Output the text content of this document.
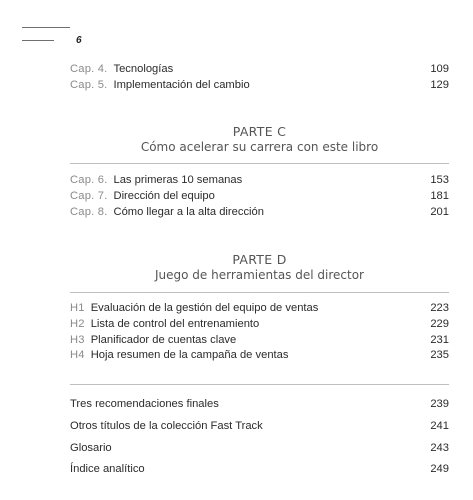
6
Cap. 4. Tecnologías	109
Cap. 5. Implementación del cambio	129
PARTE C
Cómo acelerar su carrera con este libro
Cap. 6. Las primeras 10 semanas	153
Cap. 7. Dirección del equipo	181
Cap. 8. Cómo llegar a la alta dirección	201
PARTE D
Juego de herramientas del director
H1 Evaluación de la gestión del equipo de ventas	223
H2 Lista de control del entrenamiento	229
H3 Planificador de cuentas clave	231
H4 Hoja resumen de la campaña de ventas	235
Tres recomendaciones finales	239
Otros títulos de la colección Fast Track	241
Glosario	243
Índice analítico	249
